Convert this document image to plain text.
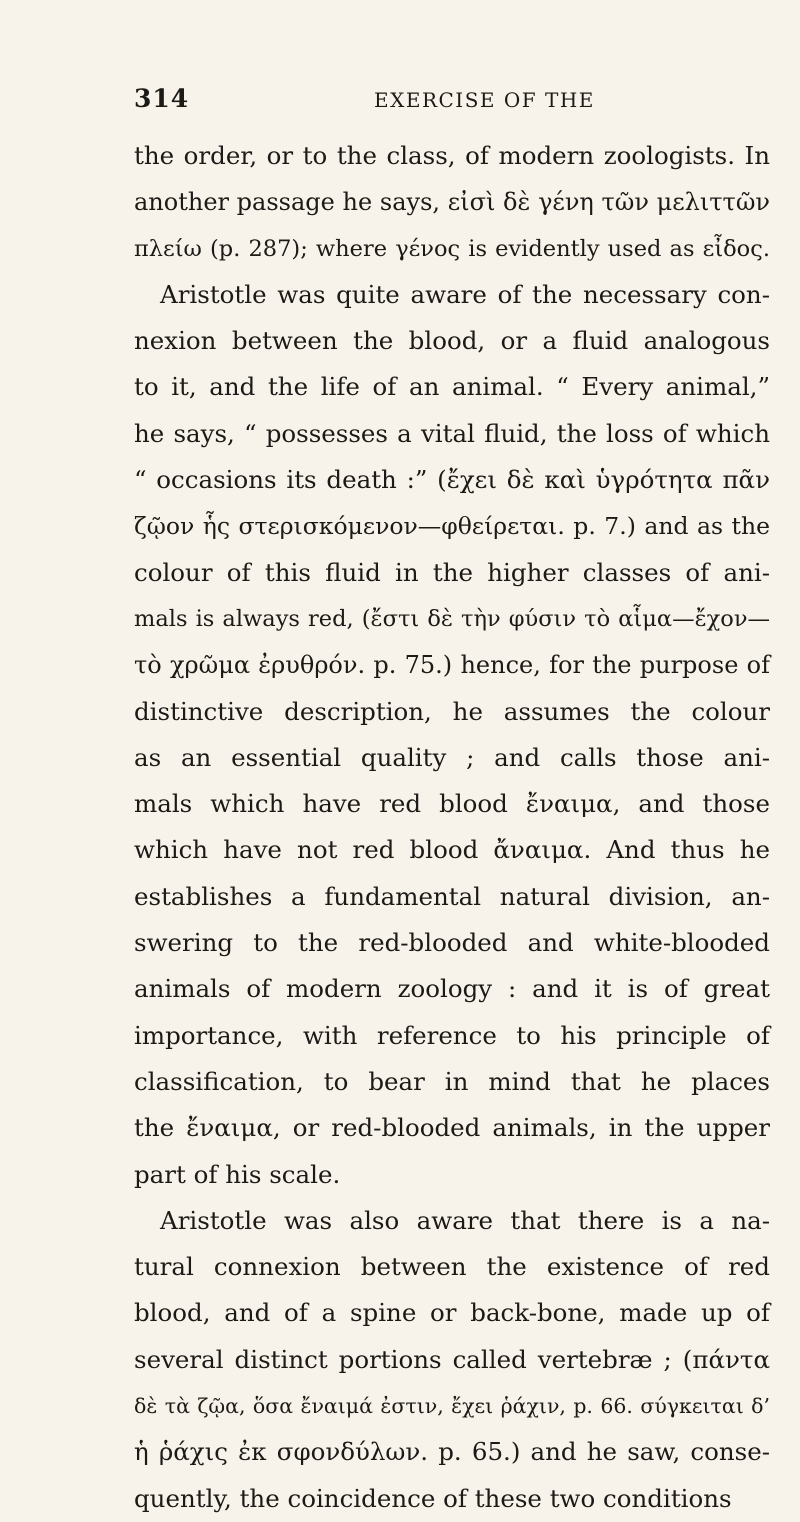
314	EXERCISE OF THE
the order, or to the class, of modern zoologists. In
another passage he says, εἰσὶ δὲ γένη τῶν μελιττῶν
πλείω (p. 287); where γένος is evidently used as εἶδος.
Aristotle was quite aware of the necessary con-
nexion between the blood, or a fluid analogous
to it, and the life of an animal. “ Every animal,”
he says, “ possesses a vital fluid, the loss of which
“ occasions its death :” (ἔχει δὲ καὶ ὑγρότητα πᾶν
ζῷον ἧς στερισκόμενον—φθείρεται. p. 7.) and as the
colour of this fluid in the higher classes of ani-
mals is always red, (ἔστι δὲ τὴν φύσιν τὸ αἷμα—ἔχον—
τὸ χρῶμα ἐρυθρόν. p. 75.) hence, for the purpose of
distinctive description, he assumes the colour
as an essential quality ; and calls those ani-
mals which have red blood ἔναιμα, and those
which have not red blood ἄναιμα. And thus he
establishes a fundamental natural division, an-
swering to the red-blooded and white-blooded
animals of modern zoology : and it is of great
importance, with reference to his principle of
classification, to bear in mind that he places
the ἔναιμα, or red-blooded animals, in the upper
part of his scale.
Aristotle was also aware that there is a na-
tural connexion between the existence of red
blood, and of a spine or back-bone, made up of
several distinct portions called vertebræ ; (πάντα
δὲ τὰ ζῷα, ὅσα ἔναιμά ἐστιν, ἔχει ῥάχιν, p. 66. σύγκειται δ’
ἡ ῥάχις ἐκ σφονδύλων. p. 65.) and he saw, conse-
quently, the coincidence of these two conditions
